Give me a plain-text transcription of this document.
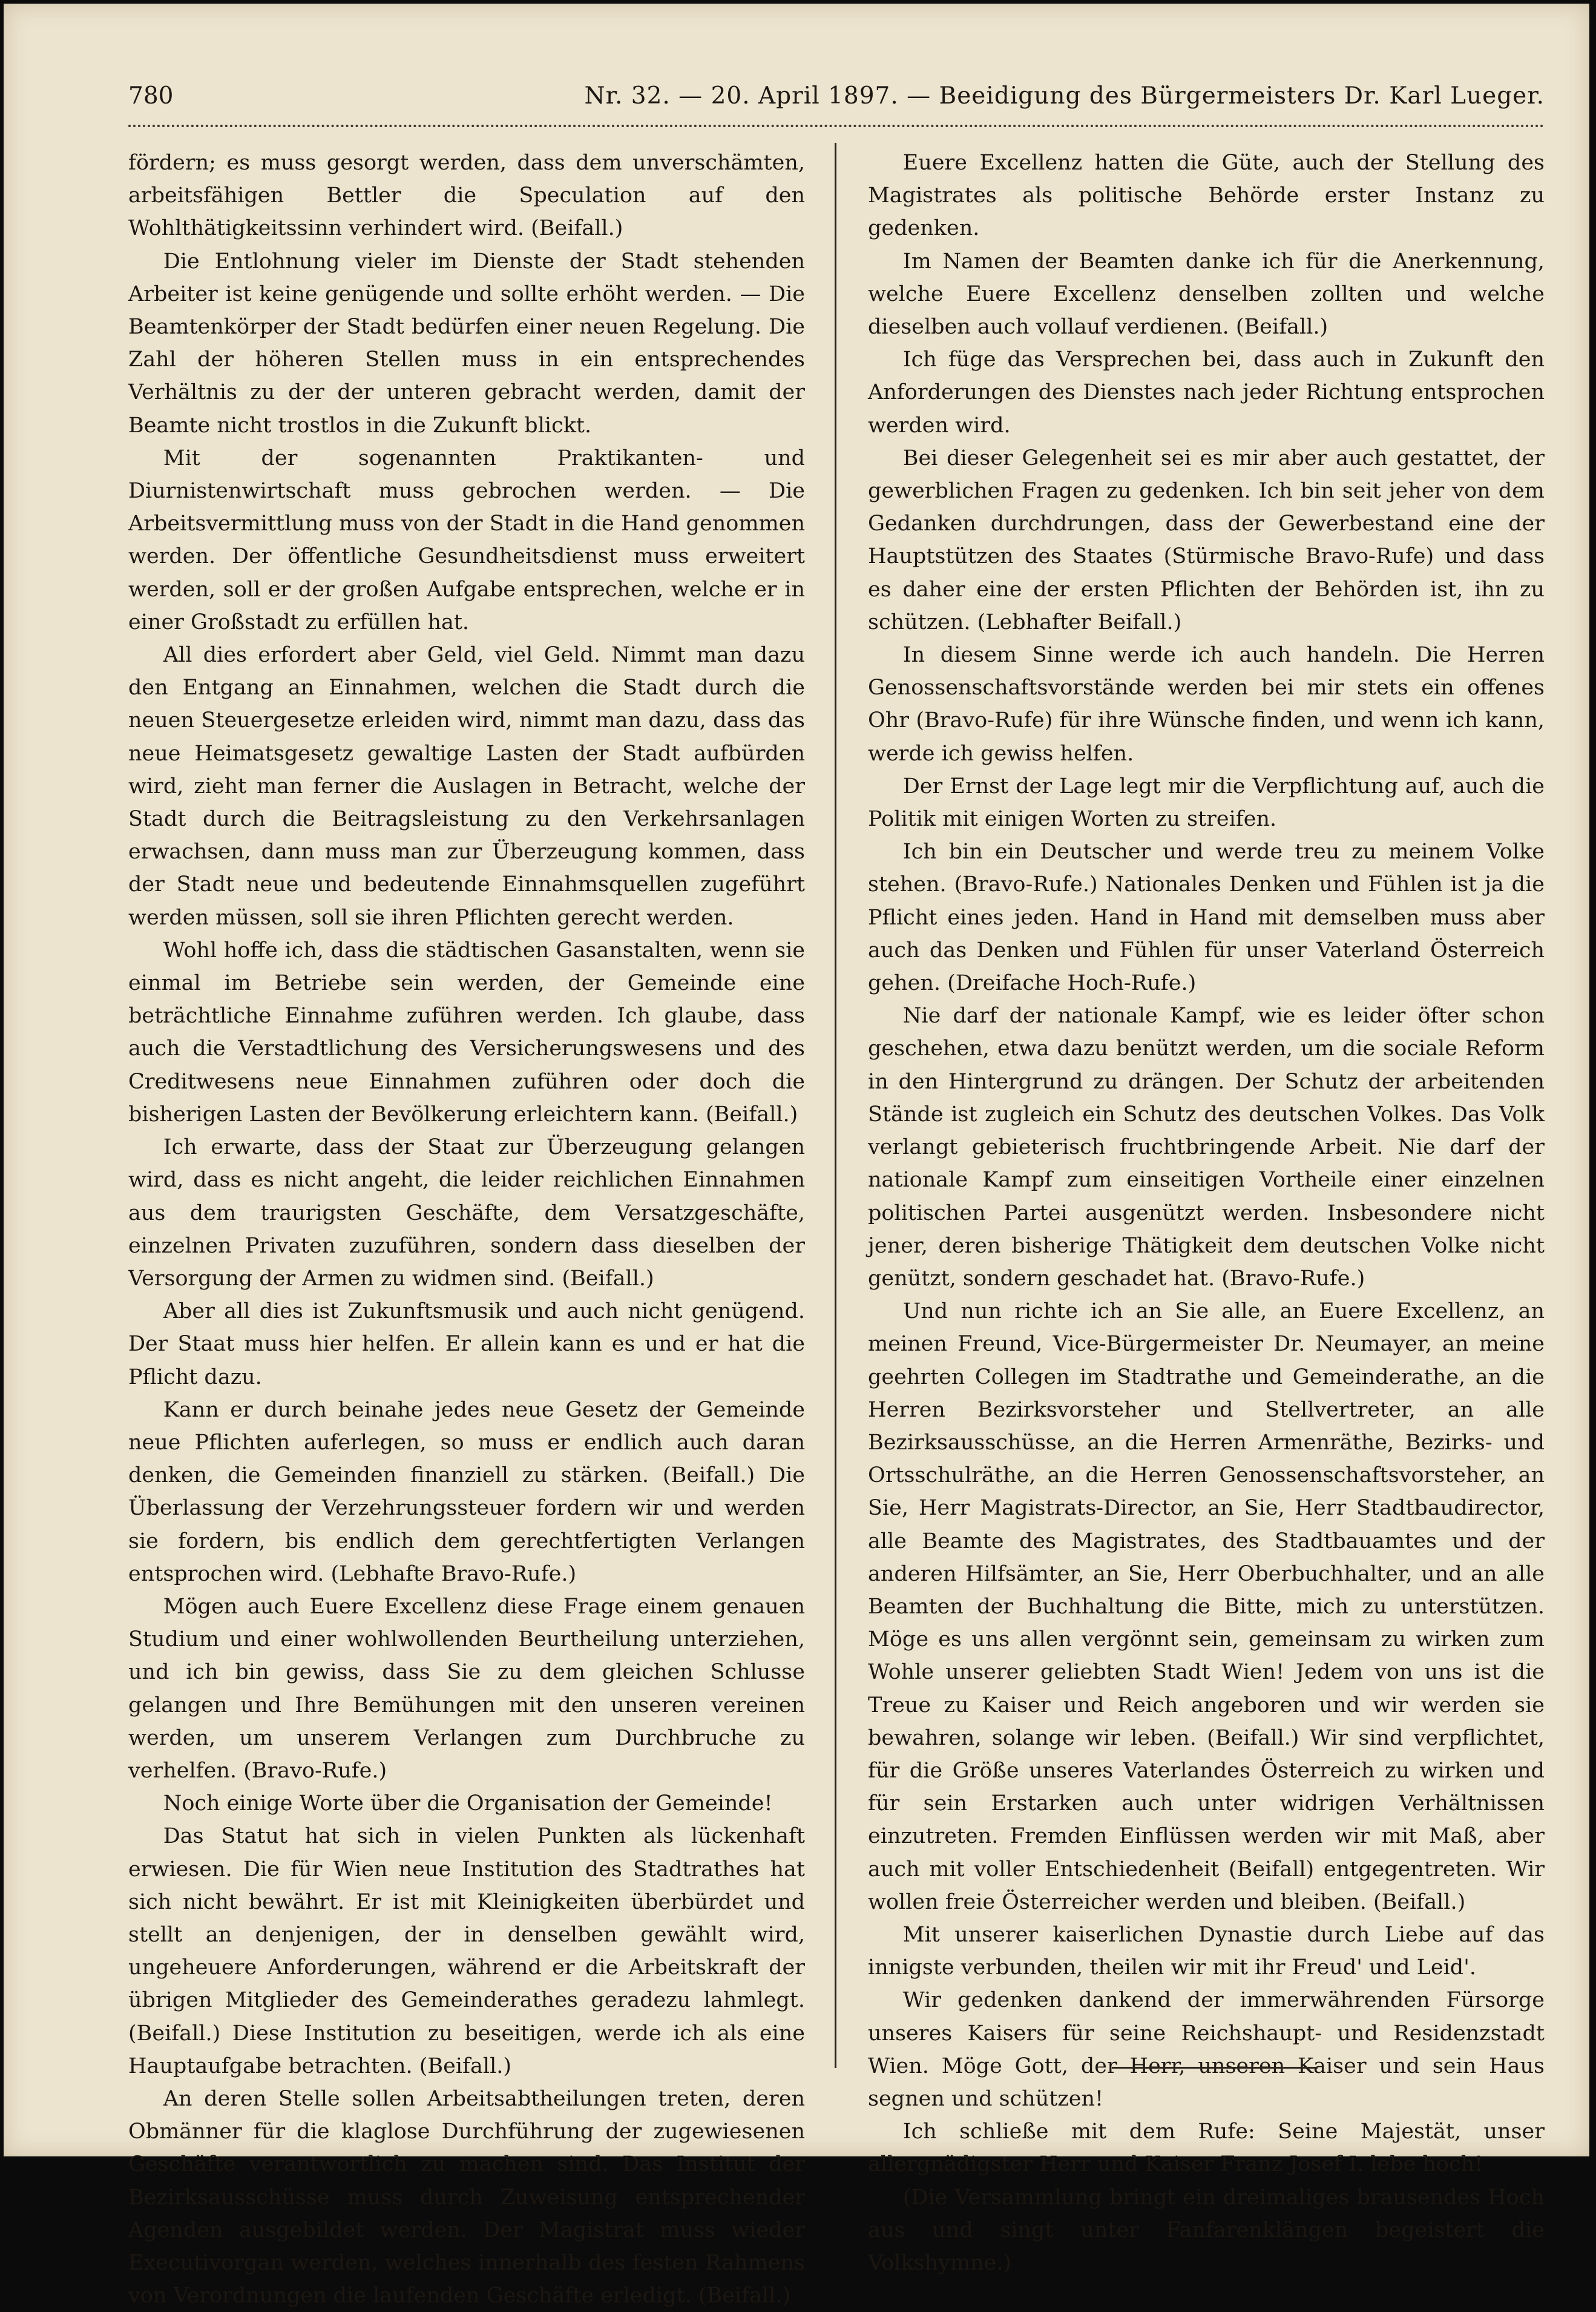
780	Nr. 32. — 20. April 1897. — Beeidigung des Bürgermeisters Dr. Karl Lueger.

fördern; es muss gesorgt werden, dass dem unverschämten, arbeitsfähigen Bettler die Speculation auf den Wohlthätigkeitssinn verhindert wird. (Beifall.)

Die Entlohnung vieler im Dienste der Stadt stehenden Arbeiter ist keine genügende und sollte erhöht werden. — Die Beamtenkörper der Stadt bedürfen einer neuen Regelung. Die Zahl der höheren Stellen muss in ein entsprechendes Verhältnis zu der der unteren gebracht werden, damit der Beamte nicht trostlos in die Zukunft blickt.

Mit der sogenannten Praktikanten- und Diurnistenwirtschaft muss gebrochen werden. — Die Arbeitsvermittlung muss von der Stadt in die Hand genommen werden. Der öffentliche Gesundheitsdienst muss erweitert werden, soll er der großen Aufgabe entsprechen, welche er in einer Großstadt zu erfüllen hat.

All dies erfordert aber Geld, viel Geld. Nimmt man dazu den Entgang an Einnahmen, welchen die Stadt durch die neuen Steuergesetze erleiden wird, nimmt man dazu, dass das neue Heimatsgesetz gewaltige Lasten der Stadt aufbürden wird, zieht man ferner die Auslagen in Betracht, welche der Stadt durch die Beitragsleistung zu den Verkehrsanlagen erwachsen, dann muss man zur Überzeugung kommen, dass der Stadt neue und bedeutende Einnahmsquellen zugeführt werden müssen, soll sie ihren Pflichten gerecht werden.

Wohl hoffe ich, dass die städtischen Gasanstalten, wenn sie einmal im Betriebe sein werden, der Gemeinde eine beträchtliche Einnahme zuführen werden. Ich glaube, dass auch die Verstadtlichung des Versicherungswesens und des Creditwesens neue Einnahmen zuführen oder doch die bisherigen Lasten der Bevölkerung erleichtern kann. (Beifall.)

Ich erwarte, dass der Staat zur Überzeugung gelangen wird, dass es nicht angeht, die leider reichlichen Einnahmen aus dem traurigsten Geschäfte, dem Versatzgeschäfte, einzelnen Privaten zuzuführen, sondern dass dieselben der Versorgung der Armen zu widmen sind. (Beifall.)

Aber all dies ist Zukunftsmusik und auch nicht genügend. Der Staat muss hier helfen. Er allein kann es und er hat die Pflicht dazu.

Kann er durch beinahe jedes neue Gesetz der Gemeinde neue Pflichten auferlegen, so muss er endlich auch daran denken, die Gemeinden finanziell zu stärken. (Beifall.) Die Überlassung der Verzehrungssteuer fordern wir und werden sie fordern, bis endlich dem gerechtfertigten Verlangen entsprochen wird. (Lebhafte Bravo-Rufe.)

Mögen auch Euere Excellenz diese Frage einem genauen Studium und einer wohlwollenden Beurtheilung unterziehen, und ich bin gewiss, dass Sie zu dem gleichen Schlusse gelangen und Ihre Bemühungen mit den unseren vereinen werden, um unserem Verlangen zum Durchbruche zu verhelfen. (Bravo-Rufe.)

Noch einige Worte über die Organisation der Gemeinde!

Das Statut hat sich in vielen Punkten als lückenhaft erwiesen. Die für Wien neue Institution des Stadtrathes hat sich nicht bewährt. Er ist mit Kleinigkeiten überbürdet und stellt an denjenigen, der in denselben gewählt wird, ungeheuere Anforderungen, während er die Arbeitskraft der übrigen Mitglieder des Gemeinderathes geradezu lahmlegt. (Beifall.) Diese Institution zu beseitigen, werde ich als eine Hauptaufgabe betrachten. (Beifall.)

An deren Stelle sollen Arbeitsabtheilungen treten, deren Obmänner für die klaglose Durchführung der zugewiesenen Geschäfte verantwortlich zu machen sind. Das Institut der Bezirksausschüsse muss durch Zuweisung entsprechender Agenden ausgebildet werden. Der Magistrat muss wieder Executivorgan werden, welches innerhalb des festen Rahmens von Verordnungen die laufenden Geschäfte erledigt. (Beifall.)

Euere Excellenz hatten die Güte, auch der Stellung des Magistrates als politische Behörde erster Instanz zu gedenken.

Im Namen der Beamten danke ich für die Anerkennung, welche Euere Excellenz denselben zollten und welche dieselben auch vollauf verdienen. (Beifall.)

Ich füge das Versprechen bei, dass auch in Zukunft den Anforderungen des Dienstes nach jeder Richtung entsprochen werden wird.

Bei dieser Gelegenheit sei es mir aber auch gestattet, der gewerblichen Fragen zu gedenken. Ich bin seit jeher von dem Gedanken durchdrungen, dass der Gewerbestand eine der Hauptstützen des Staates (Stürmische Bravo-Rufe) und dass es daher eine der ersten Pflichten der Behörden ist, ihn zu schützen. (Lebhafter Beifall.)

In diesem Sinne werde ich auch handeln. Die Herren Genossenschaftsvorstände werden bei mir stets ein offenes Ohr (Bravo-Rufe) für ihre Wünsche finden, und wenn ich kann, werde ich gewiss helfen.

Der Ernst der Lage legt mir die Verpflichtung auf, auch die Politik mit einigen Worten zu streifen.

Ich bin ein Deutscher und werde treu zu meinem Volke stehen. (Bravo-Rufe.) Nationales Denken und Fühlen ist ja die Pflicht eines jeden. Hand in Hand mit demselben muss aber auch das Denken und Fühlen für unser Vaterland Österreich gehen. (Dreifache Hoch-Rufe.)

Nie darf der nationale Kampf, wie es leider öfter schon geschehen, etwa dazu benützt werden, um die sociale Reform in den Hintergrund zu drängen. Der Schutz der arbeitenden Stände ist zugleich ein Schutz des deutschen Volkes. Das Volk verlangt gebieterisch fruchtbringende Arbeit. Nie darf der nationale Kampf zum einseitigen Vortheile einer einzelnen politischen Partei ausgenützt werden. Insbesondere nicht jener, deren bisherige Thätigkeit dem deutschen Volke nicht genützt, sondern geschadet hat. (Bravo-Rufe.)

Und nun richte ich an Sie alle, an Euere Excellenz, an meinen Freund, Vice-Bürgermeister Dr. Neumayer, an meine geehrten Collegen im Stadtrathe und Gemeinderathe, an die Herren Bezirksvorsteher und Stellvertreter, an alle Bezirksausschüsse, an die Herren Armenräthe, Bezirks- und Ortsschulräthe, an die Herren Genossenschaftsvorsteher, an Sie, Herr Magistrats-Director, an Sie, Herr Stadtbaudirector, alle Beamte des Magistrates, des Stadtbauamtes und der anderen Hilfsämter, an Sie, Herr Oberbuchhalter, und an alle Beamten der Buchhaltung die Bitte, mich zu unterstützen. Möge es uns allen vergönnt sein, gemeinsam zu wirken zum Wohle unserer geliebten Stadt Wien! Jedem von uns ist die Treue zu Kaiser und Reich angeboren und wir werden sie bewahren, solange wir leben. (Beifall.) Wir sind verpflichtet, für die Größe unseres Vaterlandes Österreich zu wirken und für sein Erstarken auch unter widrigen Verhältnissen einzutreten. Fremden Einflüssen werden wir mit Maß, aber auch mit voller Entschiedenheit (Beifall) entgegentreten. Wir wollen freie Österreicher werden und bleiben. (Beifall.)

Mit unserer kaiserlichen Dynastie durch Liebe auf das innigste verbunden, theilen wir mit ihr Freud' und Leid'.

Wir gedenken dankend der immerwährenden Fürsorge unseres Kaisers für seine Reichshaupt- und Residenzstadt Wien. Möge Gott, der Herr, unseren Kaiser und sein Haus segnen und schützen!

Ich schließe mit dem Rufe: Seine Majestät, unser allergnädigster Herr und Kaiser Franz Josef I. lebe hoch!

(Die Versammlung bringt ein dreimaliges brausendes Hoch aus und singt unter Fanfarenklängen begeistert die Volkshymne.)
